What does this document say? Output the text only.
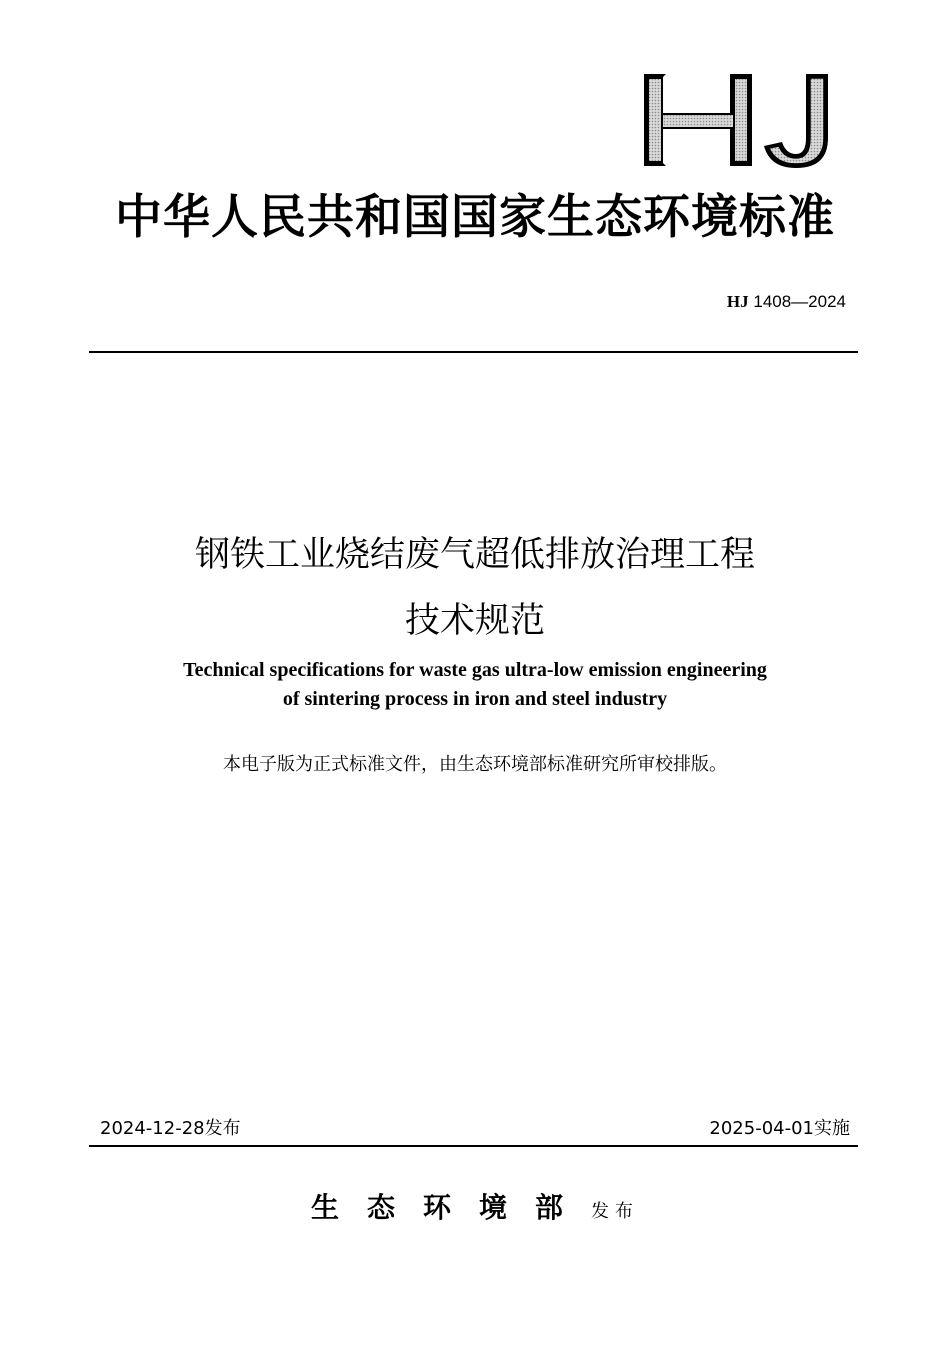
中华人民共和国国家生态环境标准
HJ 1408—2024
钢铁工业烧结废气超低排放治理工程
技术规范
Technical specifications for waste gas ultra-low emission engineering
of sintering process in iron and steel industry
本电子版为正式标准文件，由生态环境部标准研究所审校排版。
2024-12-28发布	2025-04-01实施
生态环境部发布
